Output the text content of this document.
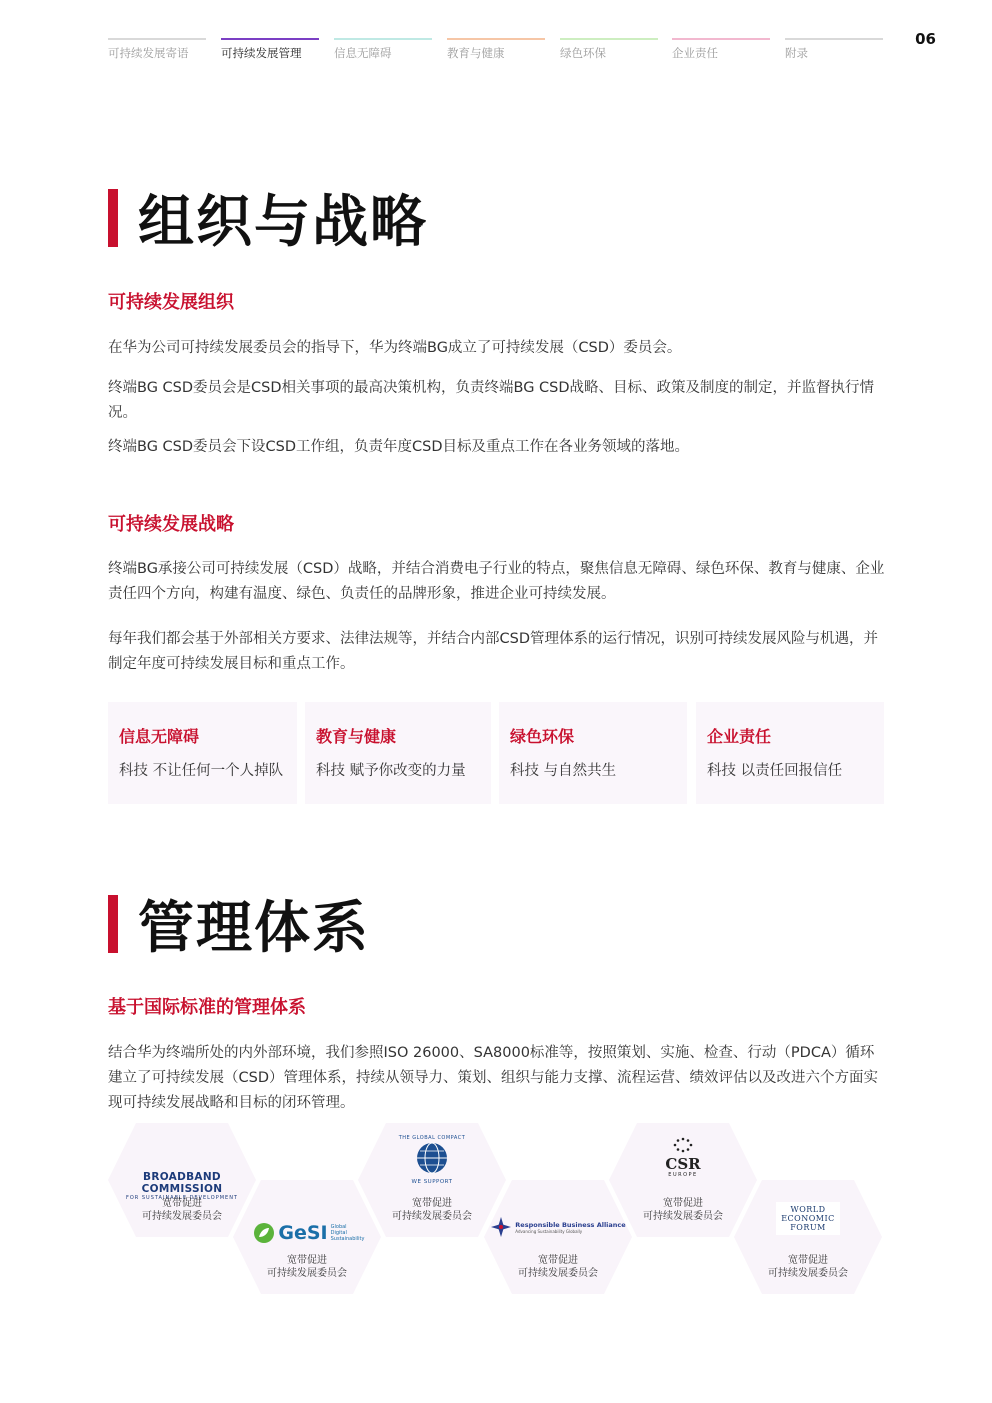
可持续发展寄语	可持续发展管理	信息无障碍	教育与健康	绿色环保	企业责任	附录
06
组织与战略
可持续发展组织
在华为公司可持续发展委员会的指导下，华为终端BG成立了可持续发展（CSD）委员会。
终端BG CSD委员会是CSD相关事项的最高决策机构，负责终端BG CSD战略、目标、政策及制度的制定，并监督执行情况。
终端BG CSD委员会下设CSD工作组，负责年度CSD目标及重点工作在各业务领域的落地。
可持续发展战略
终端BG承接公司可持续发展（CSD）战略，并结合消费电子行业的特点，聚焦信息无障碍、绿色环保、教育与健康、企业责任四个方向，构建有温度、绿色、负责任的品牌形象，推进企业可持续发展。
每年我们都会基于外部相关方要求、法律法规等，并结合内部CSD管理体系的运行情况，识别可持续发展风险与机遇，并制定年度可持续发展目标和重点工作。
信息无障碍
科技 不让任何一个人掉队
教育与健康
科技 赋予你改变的力量
绿色环保
科技 与自然共生
企业责任
科技 以责任回报信任
管理体系
基于国际标准的管理体系
结合华为终端所处的内外部环境，我们参照ISO 26000、SA8000标准等，按照策划、实施、检查、行动（PDCA）循环建立了可持续发展（CSD）管理体系，持续从领导力、策划、组织与能力支撑、流程运营、绩效评估以及改进六个方面实现可持续发展战略和目标的闭环管理。
BROADBAND COMMISSION
FOR SUSTAINABLE DEVELOPMENT
宽带促进
可持续发展委员会
GeSI Global Digital Sustainability
宽带促进
可持续发展委员会
THE GLOBAL COMPACT
WE SUPPORT
宽带促进
可持续发展委员会
Responsible Business Alliance
Advancing Sustainability Globally
宽带促进
可持续发展委员会
CSR
EUROPE
宽带促进
可持续发展委员会
WORLD ECONOMIC FORUM
宽带促进
可持续发展委员会
